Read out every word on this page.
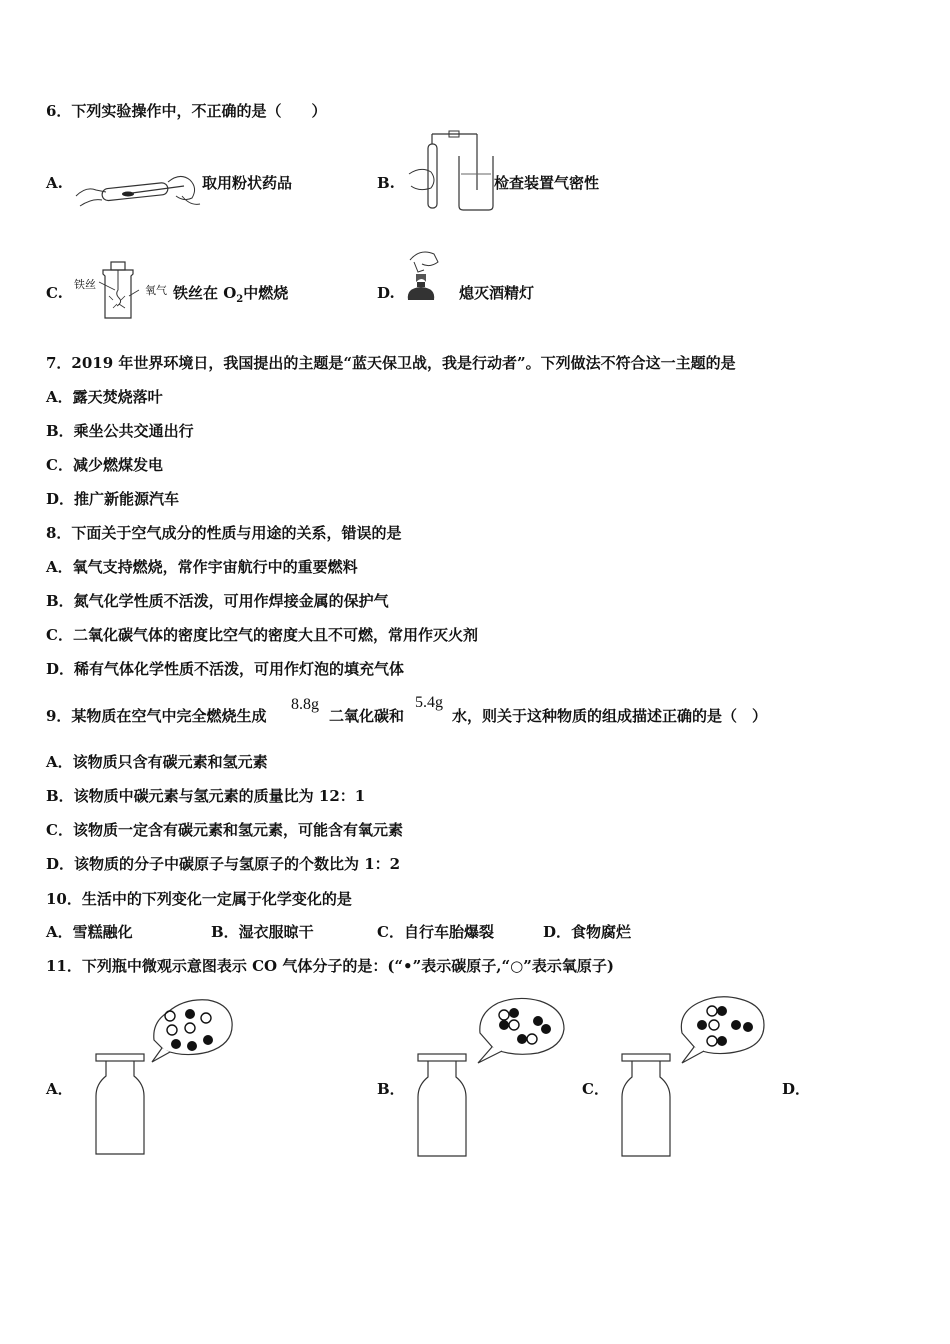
6．下列实验操作中，不正确的是（　　）
A.	取用粉状药品	B.	检查装置气密性
C. 铁丝	氧气 铁丝在 $O_2$中燃烧	D.	熄灭酒精灯
7．2019 年世界环境日，我国提出的主题是“蓝天保卫战，我是行动者”。下列做法不符合这一主题的是
A．露天焚烧落叶
B．乘坐公共交通出行
C．减少燃煤发电
D．推广新能源汽车
8．下面关于空气成分的性质与用途的关系，错误的是
A．氧气支持燃烧，常作宇宙航行中的重要燃料
B．氮气化学性质不活泼，可用作焊接金属的保护气
C．二氧化碳气体的密度比空气的密度大且不可燃，常用作灭火剂
D．稀有气体化学性质不活泼，可用作灯泡的填充气体
9．某物质在空气中完全燃烧生成
8.8g
二氧化碳和
5.4g
水，则关于这种物质的组成描述正确的是（　）
A．该物质只含有碳元素和氢元素
B．该物质中碳元素与氢元素的质量比为 12：1
C．该物质一定含有碳元素和氢元素，可能含有氧元素
D．该物质的分子中碳原子与氢原子的个数比为 1：2
10．生活中的下列变化一定属于化学变化的是
A．雪糕融化	B．湿衣服晾干	C．自行车胎爆裂	D．食物腐烂
11．下列瓶中微观示意图表示 CO 气体分子的是：(“•”表示碳原子,“○”表示氧原子)
A．	B．	C．	D．
